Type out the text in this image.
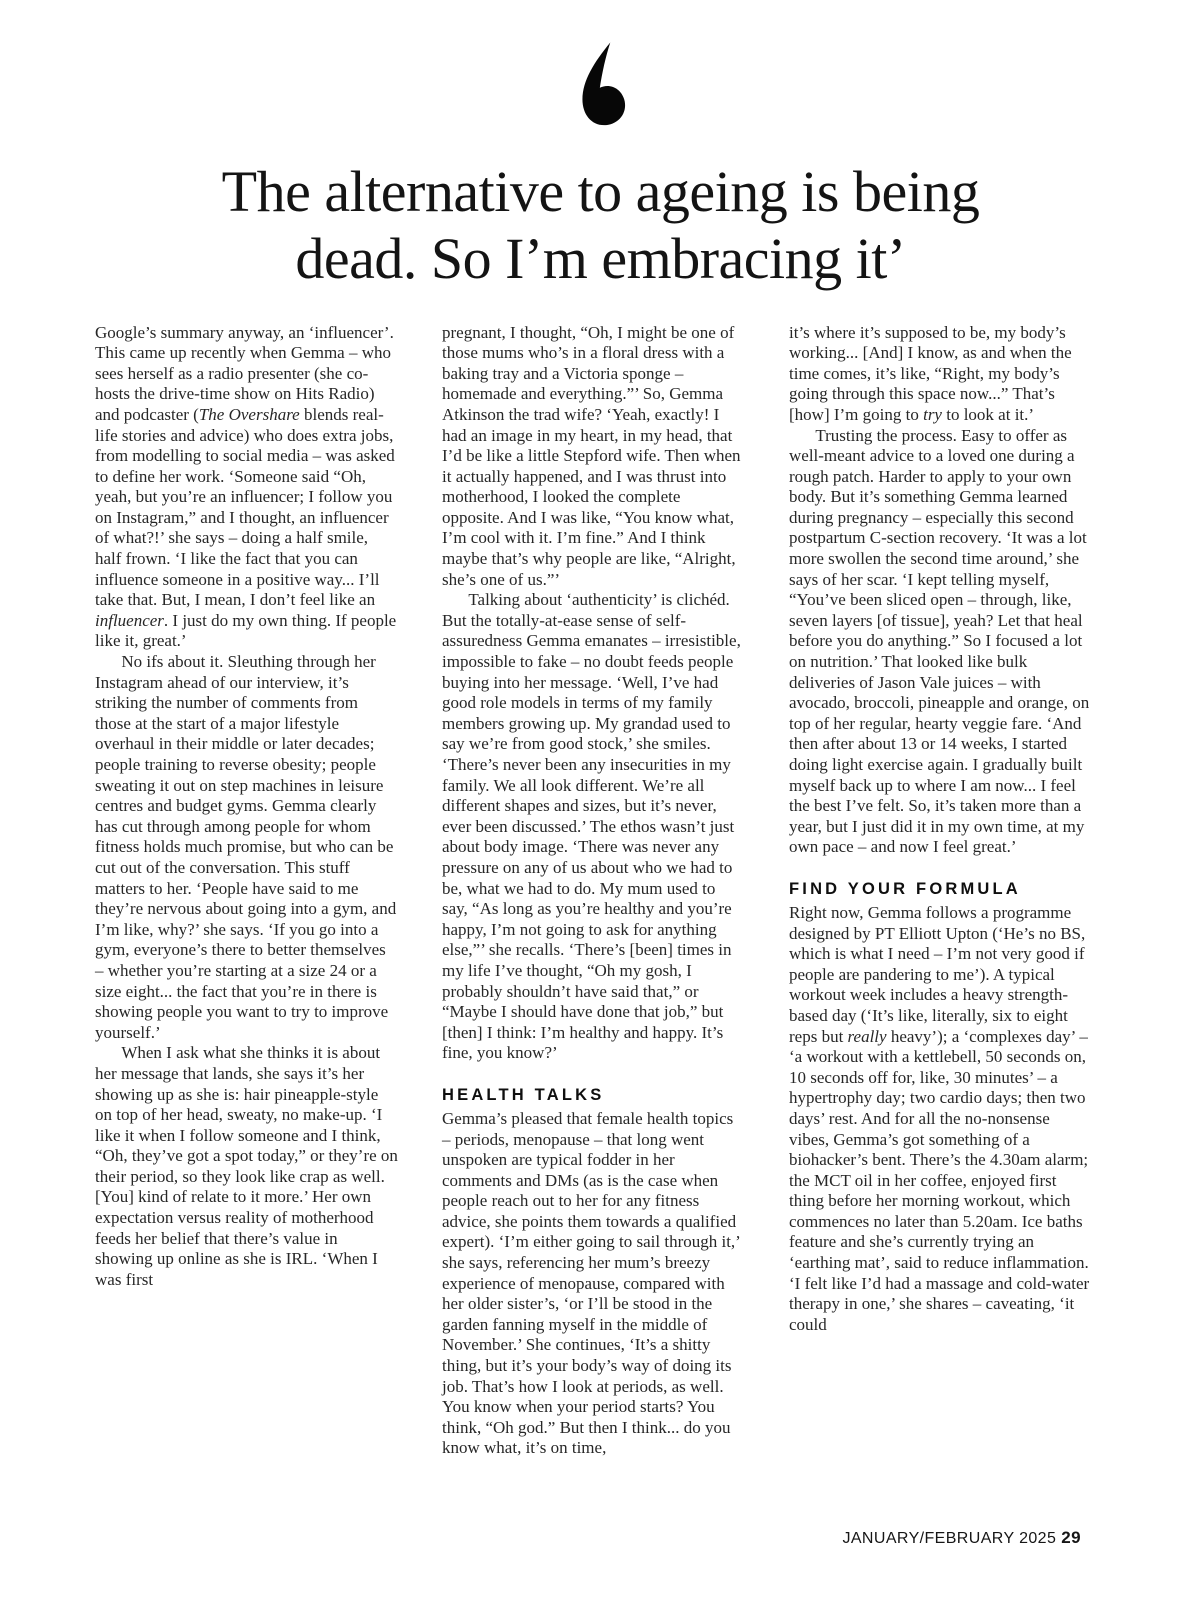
The alternative to ageing is being
dead. So I’m embracing it’

Google’s summary anyway, an ‘influencer’. This came up recently when Gemma – who sees herself as a radio presenter (she co-hosts the drive-time show on Hits Radio) and podcaster (The Overshare blends real-life stories and advice) who does extra jobs, from modelling to social media – was asked to define her work. ‘Someone said “Oh, yeah, but you’re an influencer; I follow you on Instagram,” and I thought, an influencer of what?!’ she says – doing a half smile, half frown. ‘I like the fact that you can influence someone in a positive way... I’ll take that. But, I mean, I don’t feel like an influencer. I just do my own thing. If people like it, great.’

No ifs about it. Sleuthing through her Instagram ahead of our interview, it’s striking the number of comments from those at the start of a major lifestyle overhaul in their middle or later decades; people training to reverse obesity; people sweating it out on step machines in leisure centres and budget gyms. Gemma clearly has cut through among people for whom fitness holds much promise, but who can be cut out of the conversation. This stuff matters to her. ‘People have said to me they’re nervous about going into a gym, and I’m like, why?’ she says. ‘If you go into a gym, everyone’s there to better themselves – whether you’re starting at a size 24 or a size eight... the fact that you’re in there is showing people you want to try to improve yourself.’

When I ask what she thinks it is about her message that lands, she says it’s her showing up as she is: hair pineapple-style on top of her head, sweaty, no make-up. ‘I like it when I follow someone and I think, “Oh, they’ve got a spot today,” or they’re on their period, so they look like crap as well. [You] kind of relate to it more.’ Her own expectation versus reality of motherhood feeds her belief that there’s value in showing up online as she is IRL. ‘When I was first

pregnant, I thought, “Oh, I might be one of those mums who’s in a floral dress with a baking tray and a Victoria sponge – homemade and everything.”’ So, Gemma Atkinson the trad wife? ‘Yeah, exactly! I had an image in my heart, in my head, that I’d be like a little Stepford wife. Then when it actually happened, and I was thrust into motherhood, I looked the complete opposite. And I was like, “You know what, I’m cool with it. I’m fine.” And I think maybe that’s why people are like, “Alright, she’s one of us.”’

Talking about ‘authenticity’ is clichéd. But the totally-at-ease sense of self-assuredness Gemma emanates – irresistible, impossible to fake – no doubt feeds people buying into her message. ‘Well, I’ve had good role models in terms of my family members growing up. My grandad used to say we’re from good stock,’ she smiles. ‘There’s never been any insecurities in my family. We all look different. We’re all different shapes and sizes, but it’s never, ever been discussed.’ The ethos wasn’t just about body image. ‘There was never any pressure on any of us about who we had to be, what we had to do. My mum used to say, “As long as you’re healthy and you’re happy, I’m not going to ask for anything else,”’ she recalls. ‘There’s [been] times in my life I’ve thought, “Oh my gosh, I probably shouldn’t have said that,” or “Maybe I should have done that job,” but [then] I think: I’m healthy and happy. It’s fine, you know?’

HEALTH TALKS

Gemma’s pleased that female health topics – periods, menopause – that long went unspoken are typical fodder in her comments and DMs (as is the case when people reach out to her for any fitness advice, she points them towards a qualified expert). ‘I’m either going to sail through it,’ she says, referencing her mum’s breezy experience of menopause, compared with her older sister’s, ‘or I’ll be stood in the garden fanning myself in the middle of November.’ She continues, ‘It’s a shitty thing, but it’s your body’s way of doing its job. That’s how I look at periods, as well. You know when your period starts? You think, “Oh god.” But then I think... do you know what, it’s on time,

it’s where it’s supposed to be, my body’s working... [And] I know, as and when the time comes, it’s like, “Right, my body’s going through this space now...” That’s [how] I’m going to try to look at it.’

Trusting the process. Easy to offer as well-meant advice to a loved one during a rough patch. Harder to apply to your own body. But it’s something Gemma learned during pregnancy – especially this second postpartum C-section recovery. ‘It was a lot more swollen the second time around,’ she says of her scar. ‘I kept telling myself, “You’ve been sliced open – through, like, seven layers [of tissue], yeah? Let that heal before you do anything.” So I focused a lot on nutrition.’ That looked like bulk deliveries of Jason Vale juices – with avocado, broccoli, pineapple and orange, on top of her regular, hearty veggie fare. ‘And then after about 13 or 14 weeks, I started doing light exercise again. I gradually built myself back up to where I am now... I feel the best I’ve felt. So, it’s taken more than a year, but I just did it in my own time, at my own pace – and now I feel great.’

FIND YOUR FORMULA

Right now, Gemma follows a programme designed by PT Elliott Upton (‘He’s no BS, which is what I need – I’m not very good if people are pandering to me’). A typical workout week includes a heavy strength-based day (‘It’s like, literally, six to eight reps but really heavy’); a ‘complexes day’ – ‘a workout with a kettlebell, 50 seconds on, 10 seconds off for, like, 30 minutes’ – a hypertrophy day; two cardio days; then two days’ rest. And for all the no-nonsense vibes, Gemma’s got something of a biohacker’s bent. There’s the 4.30am alarm; the MCT oil in her coffee, enjoyed first thing before her morning workout, which commences no later than 5.20am. Ice baths feature and she’s currently trying an ‘earthing mat’, said to reduce inflammation. ‘I felt like I’d had a massage and cold-water therapy in one,’ she shares – caveating, ‘it could

JANUARY/FEBRUARY 2025 29
